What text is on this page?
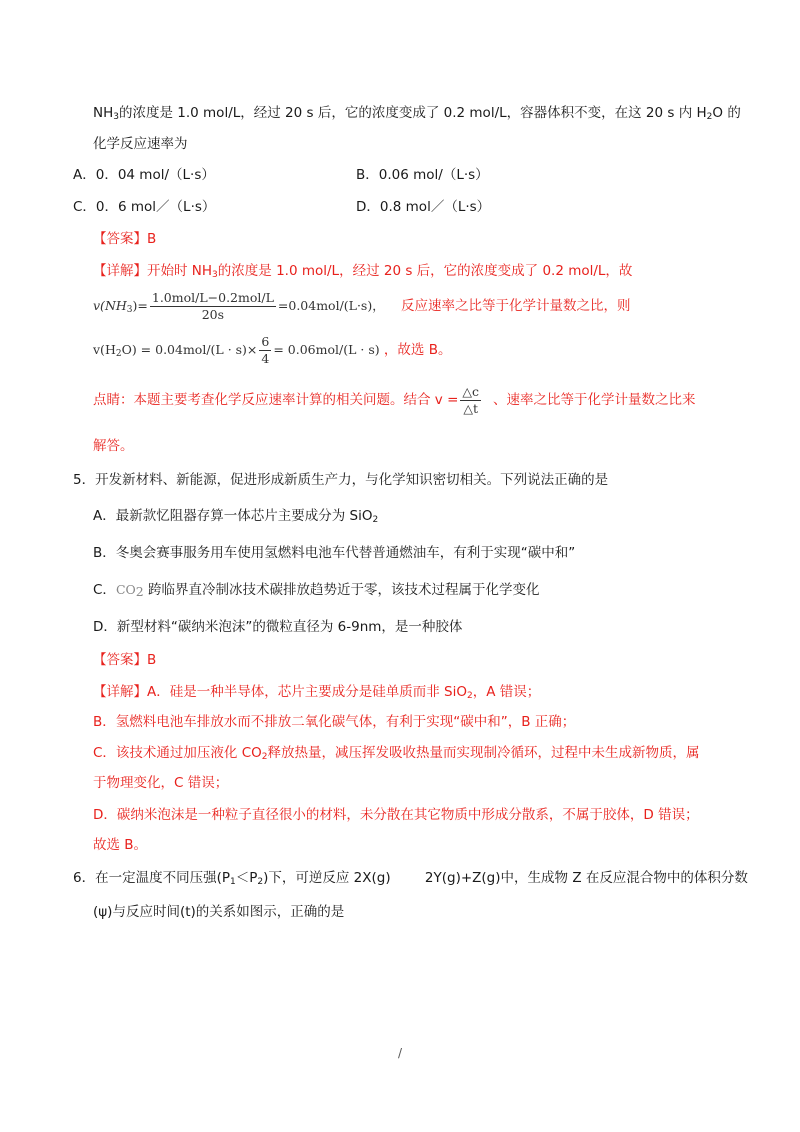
$NH_3$的浓度是 1.0 mol/L，经过 20 s 后，它的浓度变成了 0.2 mol/L，容器体积不变，在这 20 s 内 $H_2O$ 的
化学反应速率为
A．0．04 mol/（L·s）	B．0.06 mol/（L·s）
C．0．6 mol／（L·s）	D．0.8 mol／（L·s）
【答案】B
【详解】开始时 $NH_3$的浓度是 1.0 mol/L，经过 20 s 后，它的浓度变成了 0.2 mol/L，故
$v(NH_3)= \frac{\text{1.0mol/L−0.2mol/L}}{20s} =0.04mol/(L\cdot s)$， 反应速率之比等于化学计量数之比，则
$v(H_2O) = 0.04mol/(L \cdot s)\times \frac{6}{4} = 0.06mol/(L \cdot s)$ ，故选 B。
点睛：本题主要考查化学反应速率计算的相关问题。结合 $v = \frac{\triangle c}{\triangle t}$ 、速率之比等于化学计量数之比来
解答。
5．开发新材料、新能源，促进形成新质生产力，与化学知识密切相关。下列说法正确的是
A．最新款忆阻器存算一体芯片主要成分为 SiO$_2$
B．冬奥会赛事服务用车使用氢燃料电池车代替普通燃油车，有利于实现“碳中和”
C．$CO_2$ 跨临界直冷制冰技术碳排放趋势近于零，该技术过程属于化学变化
D．新型材料“碳纳米泡沫”的微粒直径为 6-9nm，是一种胶体
【答案】B
【详解】A．硅是一种半导体，芯片主要成分是硅单质而非 SiO$_2$，A 错误；
B．氢燃料电池车排放水而不排放二氧化碳气体，有利于实现“碳中和”，B 正确；
C．该技术通过加压液化 $CO_2$释放热量，减压挥发吸收热量而实现制冷循环，过程中未生成新物质，属
于物理变化，C 错误；
D．碳纳米泡沫是一种粒子直径很小的材料，未分散在其它物质中形成分散系，不属于胶体，D 错误；
故选 B。
6．在一定温度不同压强$(P_1<P_2)$下，可逆反应 2X(g)	2Y(g)+Z(g)中，生成物 Z 在反应混合物中的体积分数
(ψ)与反应时间(t)的关系如图示，正确的是
/
